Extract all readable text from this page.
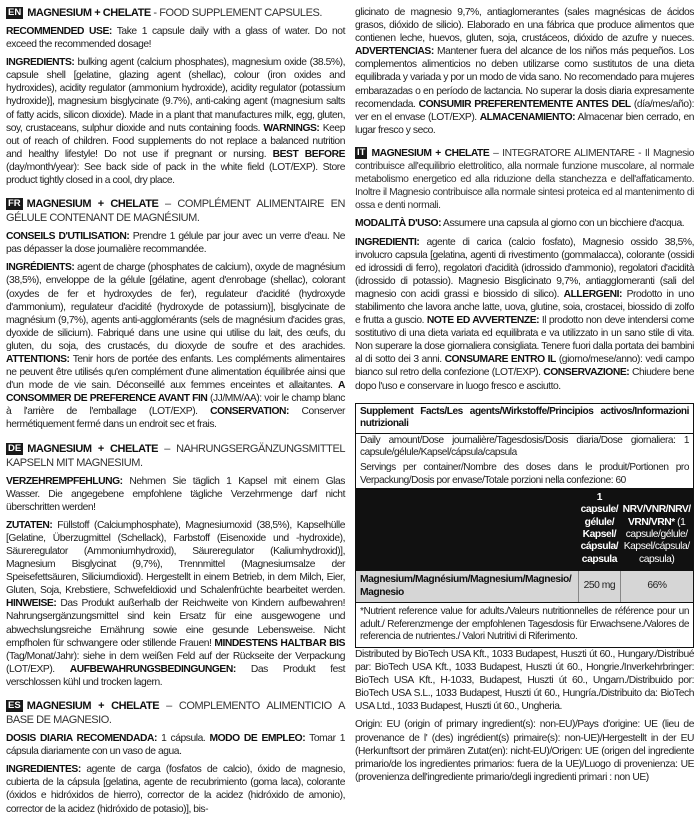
EN MAGNESIUM + CHELATE - FOOD SUPPLEMENT CAPSULES.

RECOMMENDED USE: Take 1 capsule daily with a glass of water. Do not exceed the recommended dosage!

INGREDIENTS: bulking agent (calcium phosphates), magnesium oxide (38.5%), capsule shell [gelatine, glazing agent (shellac), colour (iron oxides and hydroxides), acidity regulator (ammonium hydroxide), acidity regulator (potassium hydroxide)], magnesium bisglycinate (9.7%), anti-caking agent (magnesium salts of fatty acids, silicon dioxide). Made in a plant that manufactures milk, egg, gluten, soy, crustaceans, sulphur dioxide and nuts containing foods. WARNINGS: Keep out of reach of children. Food supplements do not replace a balanced nutrition and healthy lifestyle! Do not use if pregnant or nursing. BEST BEFORE (day/month/year): See back side of pack in the white field (LOT/EXP). Store product tightly closed in a cool, dry place.

FR MAGNESIUM + CHELATE – COMPLÉMENT ALIMENTAIRE EN GÉLULE CONTENANT DE MAGNÉSIUM.

CONSEILS D'UTILISATION: Prendre 1 gélule par jour avec un verre d'eau. Ne pas dépasser la dose journalière recommandée.

INGRÉDIENTS: agent de charge (phosphates de calcium), oxyde de magnésium (38,5%), enveloppe de la gélule [gélatine, agent d'enrobage (shellac), colorant (oxydes de fer et hydroxydes de fer), regulateur d'acidité (hydroxyde d'ammonium), regulateur d'acidité (hydroxyde de potassium)], bisglycinate de magnésium (9,7%), agents anti-agglomérants (sels de magnésium d'acides gras, dyoxide de silicium). Fabriqué dans une usine qui utilise du lait, des œufs, du gluten, du soja, des crustacés, du dioxyde de soufre et des arachides. ATTENTIONS: Tenir hors de portée des enfants. Les compléments alimentaires ne peuvent être utilisés qu'en complément d'une alimentation équilibrée ainsi que d'un mode de vie sain. Déconseillé aux femmes enceintes et allaitantes. A CONSOMMER DE PREFERENCE AVANT FIN (JJ/MM/AA): voir le champ blanc à l'arrière de l'emballage (LOT/EXP). CONSERVATION: Conserver hermétiquement fermé dans un endroit sec et frais.

DE MAGNESIUM + CHELATE – NAHRUNGSERGÄNZUNGSMITTEL KAPSELN MIT MAGNESIUM.

VERZEHREMPFEHLUNG: Nehmen Sie täglich 1 Kapsel mit einem Glas Wasser. Die angegebene empfohlene tägliche Verzehrmenge darf nicht überschritten werden!

ZUTATEN: Füllstoff (Calciumphosphate), Magnesiumoxid (38,5%), Kapselhülle [Gelatine, Überzugmittel (Schellack), Farbstoff (Eisenoxide und -hydroxide), Säureregulator (Ammoniumhydroxid), Säureregulator (Kaliumhydroxid)], Magnesium Bisglycinat (9,7%), Trennmittel (Magnesiumsalze der Speisefettsäuren, Siliciumdioxid). Hergestellt in einem Betrieb, in dem Milch, Eier, Gluten, Soja, Krebstiere, Schwefeldioxid und Schalenfrüchte bearbeitet werden. HINWEISE: Das Produkt außerhalb der Reichweite von Kindern aufbewahren! Nahrungsergänzungsmittel sind kein Ersatz für eine ausgewogene und abwechslungsreiche Ernährung sowie eine gesunde Lebensweise. Nicht empfholen für schwangere oder stillende Frauen! MINDESTENS HALTBAR BIS (Tag/Monat/Jahr): siehe in dem weißen Feld auf der Rückseite der Verpackung (LOT/EXP). AUFBEWAHRUNGSBEDINGUNGEN: Das Produkt fest verschlossen kühl und trocken lagern.

ES MAGNESIUM + CHELATE – COMPLEMENTO ALIMENTICIO A BASE DE MAGNESIO.

DOSIS DIARIA RECOMENDADA: 1 cápsula. MODO DE EMPLEO: Tomar 1 cápsula diariamente con un vaso de agua.

INGREDIENTES: agente de carga (fosfatos de calcio), óxido de magnesio, cubierta de la cápsula [gelatina, agente de recubrimiento (goma laca), colorante (óxidos e hidróxidos de hierro), corrector de la acidez (hidróxido de amonio), corrector de la acidez (hidróxido de potasio)], bis-

glicinato de magnesio 9,7%, antiaglomerantes (sales magnésicas de ácidos grasos, dióxido de silicio). Elaborado en una fábrica que produce alimentos que contienen leche, huevos, gluten, soja, crustáceos, dióxido de azufre y nueces. ADVERTENCIAS: Mantener fuera del alcance de los niños más pequeños. Los complementos alimenticios no deben utilizarse como sustitutos de una dieta equilibrada y variada y por un modo de vida sano. No recomendado para mujeres embarazadas o en período de lactancia. No superar la dosis diaria expresamente recomendada. CONSUMIR PREFERENTEMENTE ANTES DEL (día/mes/año): ver en el envase (LOT/EXP). ALMACENAMIENTO: Almacenar bien cerrado, en lugar fresco y seco.

IT MAGNESIUM + CHELATE – INTEGRATORE ALIMENTARE - Il Magnesio contribuisce all'equilibrio elettrolitico, alla normale funzione muscolare, al normale metabolismo energetico ed alla riduzione della stanchezza e dell'affaticamento. Inoltre il Magnesio contribuisce alla normale sintesi proteica ed al mantenimento di ossa e denti normali.

MODALITÀ D'USO: Assumere una capsula al giorno con un bicchiere d'acqua.

INGREDIENTI: agente di carica (calcio fosfato), Magnesio ossido 38,5%, involucro capsula [gelatina, agenti di rivestimento (gommalacca), colorante (ossidi ed idrossidi di ferro), regolatori d'acidità (idrossido d'ammonio), regolatori d'acidità (idrossido di potassio). Magnesio Bisglicinato 9,7%, antiagglomeranti (sali del magnesio con acidi grassi e biossido di silico). ALLERGENI: Prodotto in uno stabilimento che lavora anche latte, uova, glutine, soia, crostacei, biossido di zolfo e frutta a guscio. NOTE ED AVVERTENZE: Il prodotto non deve intendersi come sostitutivo di una dieta variata ed equilibrata e va utilizzato in un sano stile di vita. Non superare la dose giornaliera consigliata. Tenere fuori dalla portata dei bambini al di sotto dei 3 anni. CONSUMARE ENTRO IL (giorno/mese/anno): vedi campo bianco sul retro della confezione (LOT/EXP). CONSERVAZIONE: Chiudere bene dopo l'uso e conservare in luogo fresco e asciutto.

Supplement Facts/Les agents/Wirkstoffe/Principios activos/Informazioni nutrizionali
Daily amount/Dose journalière/Tagesdosis/Dosis diaria/Dose giornaliera: 1 capsule/gélule/Kapsel/cápsula/capsula
Servings per container/Nombre des doses dans le produit/Portionen pro Verpackung/Dosis por envase/Totale porzioni nella confezione: 60
	1 capsule/ gélule/ Kapsel/ cápsula/ capsula	NRV/VNR/NRV/ VRN/VRN* (1 capsule/gélule/ Kapsel/cápsula/ capsula)
Magnesium/Magnésium/Magnesium/Magnesio/ Magnesio	250 mg	66%
*Nutrient reference value for adults./Valeurs nutritionnelles de référence pour un adult./ Referenzmenge der empfohlenen Tagesdosis für Erwachsene./Valores de referencia de nutrientes./ Valori Nutritivi di Riferimento.

Distributed by BioTech USA Kft., 1033 Budapest, Huszti út 60., Hungary./Distribué par: BioTech USA Kft., 1033 Budapest, Huszti út 60., Hongrie./Inverkehrbringer: BioTech USA Kft., H-1033, Budapest, Huszti út 60., Ungarn./Distribuido por: BioTech USA S.L., 1033 Budapest, Huszti út 60., Hungría./Distribuito da: BioTech USA Ltd., 1033 Budapest, Huszti út 60., Ungheria.

Origin: EU (origin of primary ingredient(s): non-EU)/Pays d'origine: UE (lieu de provenance de l' (des) ingrédient(s) primaire(s): non-UE)/Hergestellt in der EU (Herkunftsort der primären Zutat(en): nicht-EU)/Origen: UE (origen del ingrediente primario/de los ingredientes primarios: fuera de la UE)/Luogo di provenienza: UE (provenienza dell'ingrediente primario/degli ingredienti primari : non UE)
